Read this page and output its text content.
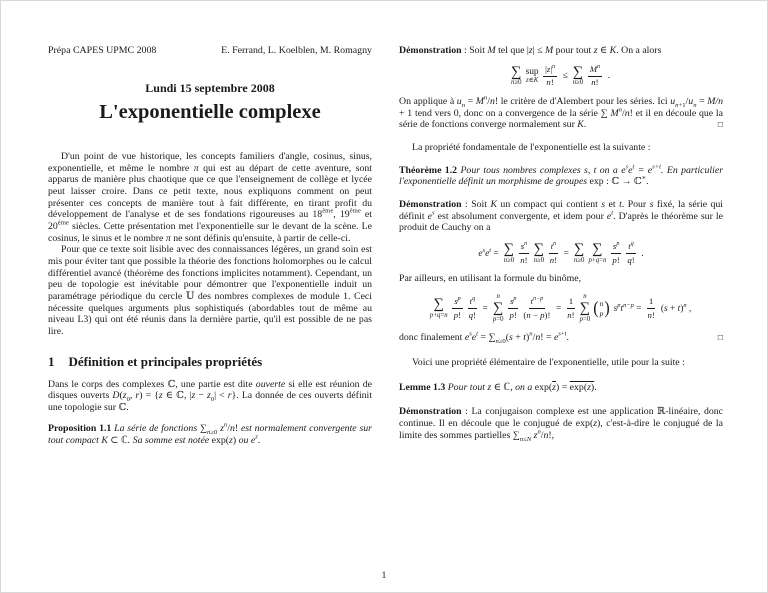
Prépa CAPES UPMC 2008	E. Ferrand, L. Koelblen, M. Romagny
Lundi 15 septembre 2008
L'exponentielle complexe

D'un point de vue historique, les concepts familiers d'angle, cosinus, sinus, exponentielle, et même le nombre π qui est au départ de cette aventure, sont apparus de manière plus chaotique que ce que l'enseignement de collège et lycée peut laisser croire. Dans ce petit texte, nous expliquons comment on peut présenter ces concepts de manière tout à fait différente, en tirant profit du développement de l'analyse et de ses fondations rigoureuses au 18ème, 19ème et 20ème siècles. Cette présentation met l'exponentielle sur le devant de la scène. Le cosinus, le sinus et le nombre π ne sont définis qu'ensuite, à partir de celle-ci.

Pour que ce texte soit lisible avec des connaissances légères, un grand soin est mis pour éviter tant que possible la théorie des fonctions holomorphes ou le calcul différentiel avancé (théorème des fonctions implicites notamment). Cependant, un peu de topologie est inévitable pour démontrer que l'exponentielle induit un paramétrage périodique du cercle 𝕌 des nombres complexes de module 1. Ceci nécessite quelques arguments plus sophistiqués (abordables tout de même au niveau L3) qui ont été réunis dans la dernière partie, qu'il est possible de ne pas lire.

1 Définition et principales propriétés

Dans le corps des complexes ℂ, une partie est dite ouverte si elle est réunion de disques ouverts $D(z_0$, r) = {z ∈ ℂ, $|z - z_0| < r$}. La donnée de ces ouverts définit une topologie sur ℂ.

Proposition 1.1 La série de fonctions $\sum_{n\ge 0}$ $z^n/n$! est normalement convergente sur tout compact K ⊂ ℂ. Sa somme est notée exp(z) ou $e^z$.

Démonstration : Soit M tel que |z| ≤ M pour tout z ∈ K. On a alors

∑
n≥0
sup
z∈K $\frac{|z|^n}{n!}$ ≤ ∑
n≥0
$M^n$
n!
.

On applique à $u_n = M^n/n$! le critère de d'Alembert pour les séries. Ici $u_{n+1}/u_n = M/n + 1$ tend vers 0, donc on a convergence de la série ∑ $M^n/n$! et il en découle que la série de fonctions converge normalement sur K.	□

La propriété fondamentale de l'exponentielle est la suivante :

Théorème 1.2 Pour tous nombres complexes s, t on a $e^se^t = e^{s+t}$. En particulier l'exponentielle définit un morphisme de groupes exp : ℂ → ℂ∗.

Démonstration : Soit K un compact qui contient s et t. Pour s fixé, la série qui définit $e^s$ est absolument convergente, et idem pour $e^t$. D'après le théorème sur le produit de Cauchy on a

$e^se^t$ = ∑
n≥0
$s^n$
n!
∑
$n\ge 0 \frac{t^n}{n!}$ = ∑
n≥0
∑
p+q=n
$s^p$
p!
$t^q$
q!
.

Par ailleurs, en utilisant la formule du binôme,

∑
p+q=n
$s^p$
p! $\frac{t^q}{q!}$ =
n
∑
p=0
$s^p$
p! $\frac{t^{n-p}}{(n - p)!} = \frac{1}{n!}$
n
∑
p=0
( n
p ) $s^pt^{n-p} = \frac{1}{n!} (s + t)^n$ ,

donc finalement $e^se^t = \sum_{n\ge 0}(s + t)^n/n$! = $e^{s+t}$.	□

Voici une propriété élémentaire de l'exponentielle, utile pour la suite :

Lemme 1.3 Pour tout z ∈ ℂ, on a $\exp(\overline{z}) = \exp(z)$.

Démonstration : La conjugaison complexe est une application ℝ-linéaire, donc continue. Il en découle que le conjugué de exp(z), c'est-à-dire le conjugué de la limite des sommes partielles $\sum_{n\le N}$ $z^n/n$!,

1
